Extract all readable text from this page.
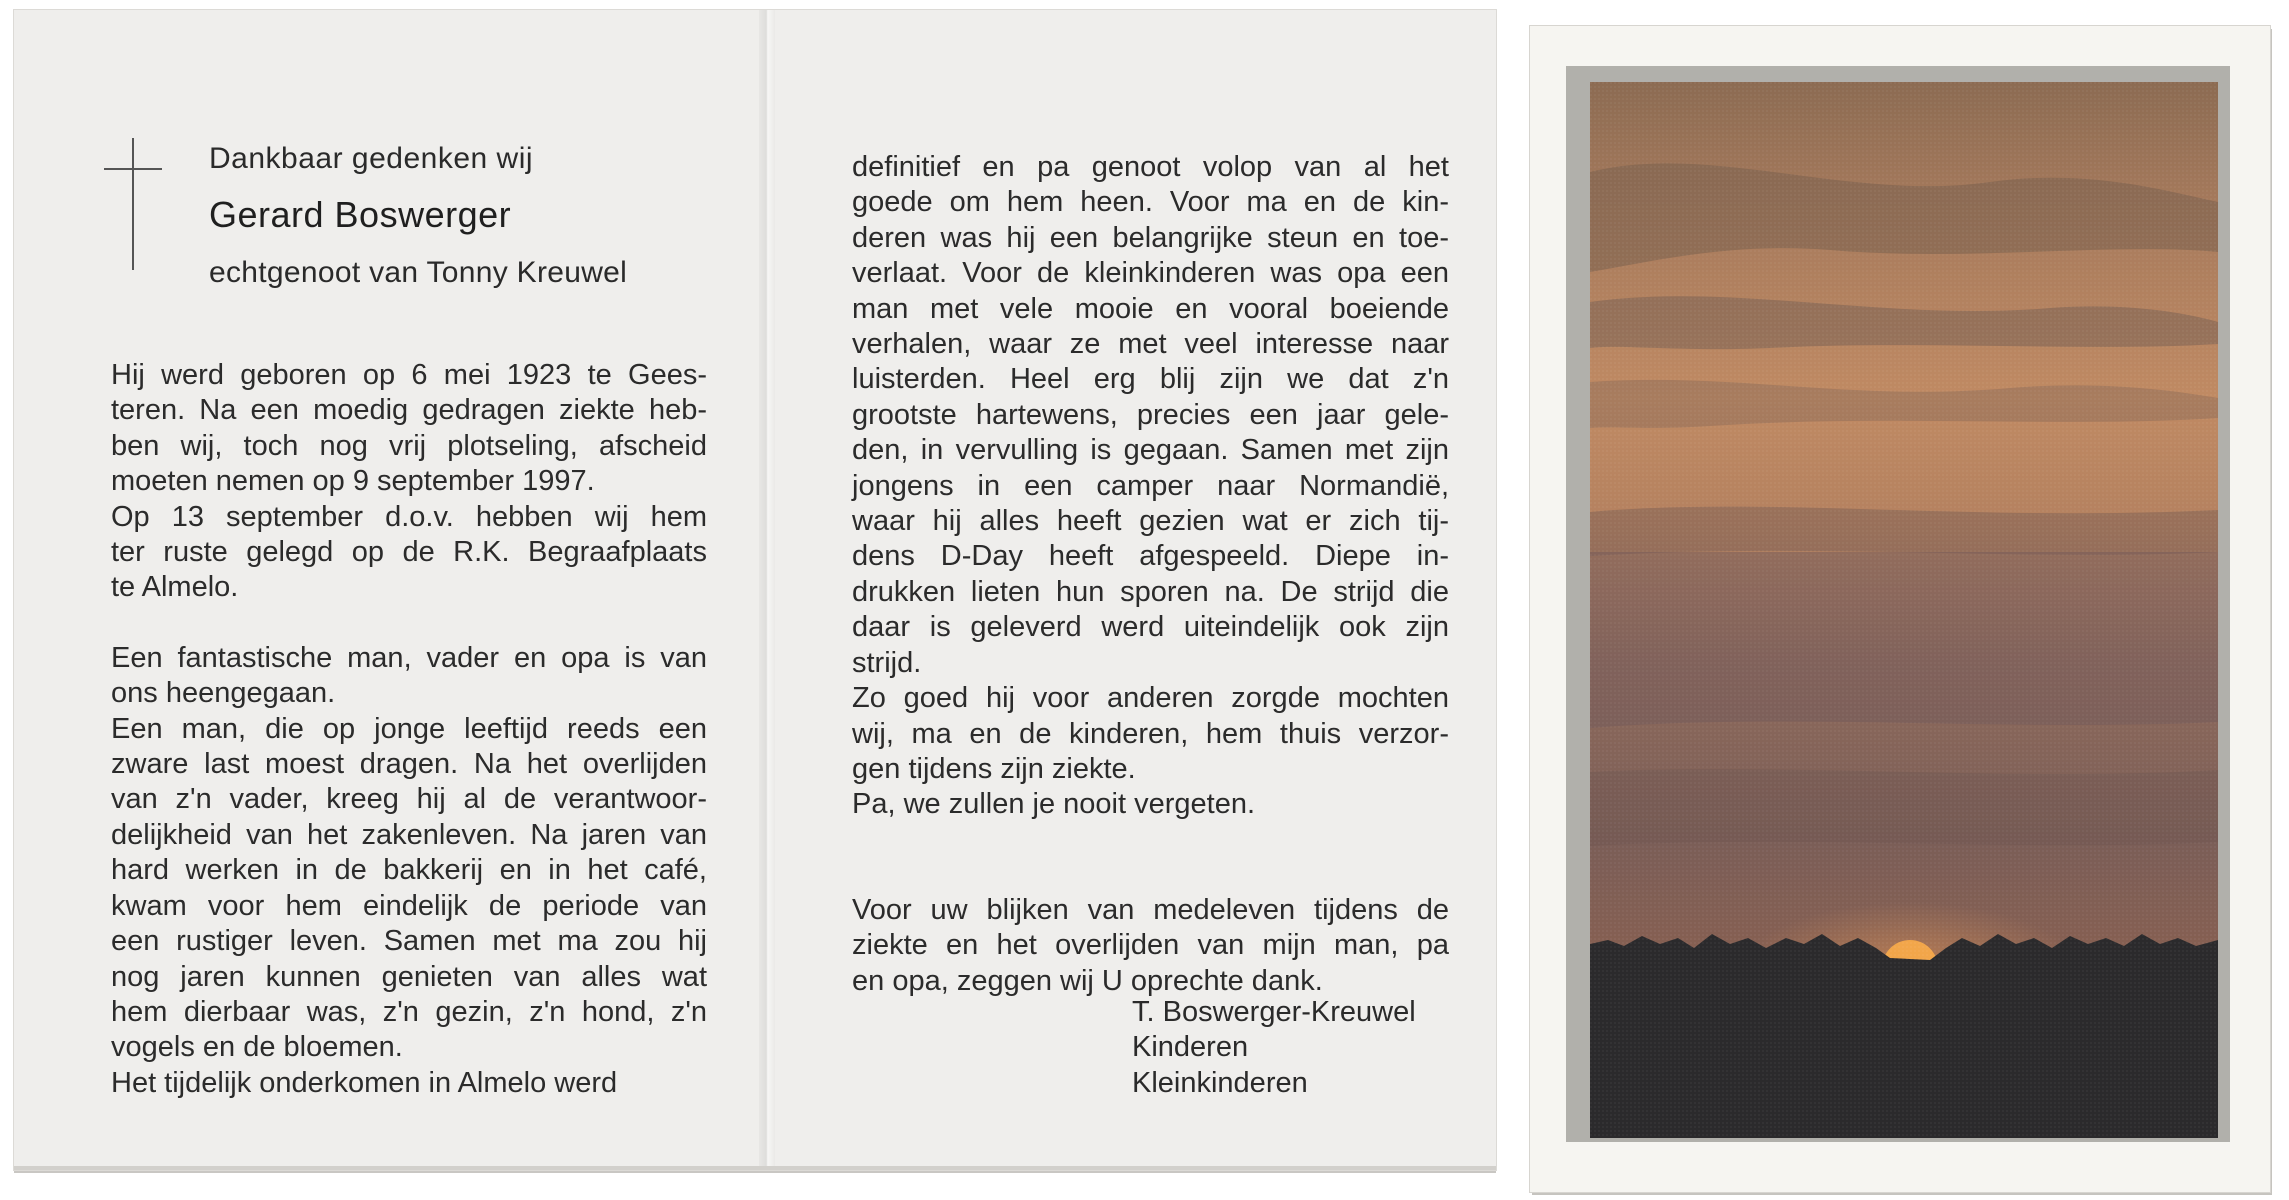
Dankbaar gedenken wij
Gerard Boswerger
echtgenoot van Tonny Kreuwel
Hij werd geboren op 6 mei 1923 te Gees-
teren. Na een moedig gedragen ziekte heb-
ben wij, toch nog vrij plotseling, afscheid
moeten nemen op 9 september 1997.
Op 13 september d.o.v. hebben wij hem
ter ruste gelegd op de R.K. Begraafplaats
te Almelo.
Een fantastische man, vader en opa is van
ons heengegaan.
Een man, die op jonge leeftijd reeds een
zware last moest dragen. Na het overlijden
van z'n vader, kreeg hij al de verantwoor-
delijkheid van het zakenleven. Na jaren van
hard werken in de bakkerij en in het café,
kwam voor hem eindelijk de periode van
een rustiger leven. Samen met ma zou hij
nog jaren kunnen genieten van alles wat
hem dierbaar was, z'n gezin, z'n hond, z'n
vogels en de bloemen.
Het tijdelijk onderkomen in Almelo werd
definitief en pa genoot volop van al het
goede om hem heen. Voor ma en de kin-
deren was hij een belangrijke steun en toe-
verlaat. Voor de kleinkinderen was opa een
man met vele mooie en vooral boeiende
verhalen, waar ze met veel interesse naar
luisterden. Heel erg blij zijn we dat z'n
grootste hartewens, precies een jaar gele-
den, in vervulling is gegaan. Samen met zijn
jongens in een camper naar Normandië,
waar hij alles heeft gezien wat er zich tij-
dens D-Day heeft afgespeeld. Diepe in-
drukken lieten hun sporen na. De strijd die
daar is geleverd werd uiteindelijk ook zijn
strijd.
Zo goed hij voor anderen zorgde mochten
wij, ma en de kinderen, hem thuis verzor-
gen tijdens zijn ziekte.
Pa, we zullen je nooit vergeten.
Voor uw blijken van medeleven tijdens de
ziekte en het overlijden van mijn man, pa
en opa, zeggen wij U oprechte dank.
T. Boswerger-Kreuwel
Kinderen
Kleinkinderen
